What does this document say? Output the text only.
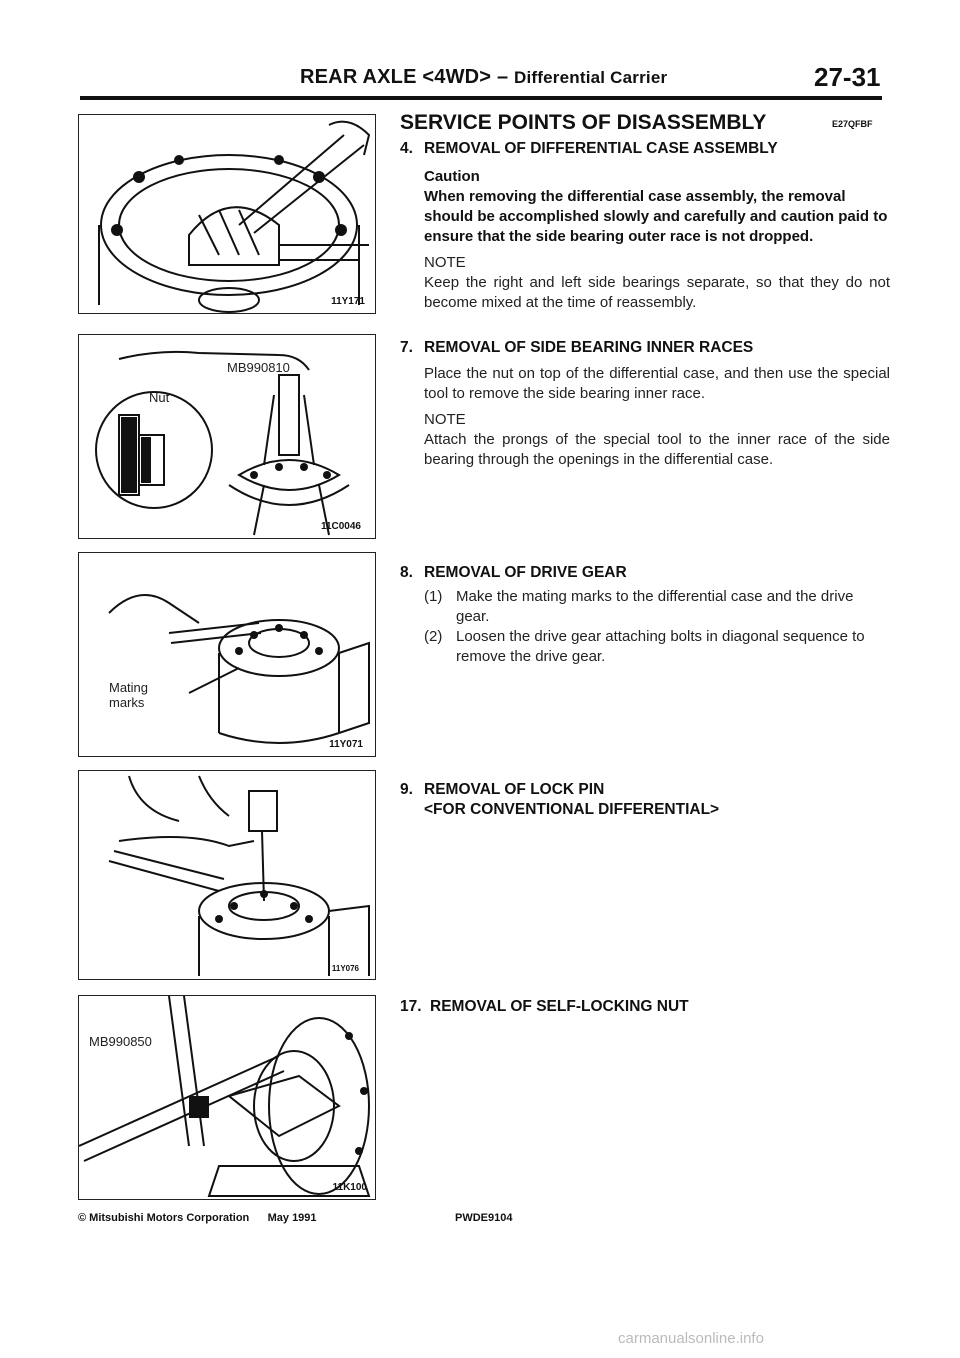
REAR AXLE <4WD> – Differential Carrier	27-31
11Y171
MB990810
Nut
11C0046
Mating
marks
11Y071
11Y076
MB990850
11K100
SERVICE POINTS OF DISASSEMBLY	E27QFBF
4. REMOVAL OF DIFFERENTIAL CASE ASSEMBLY
Caution
When removing the differential case assembly, the removal should be accomplished slowly and carefully and caution paid to ensure that the side bearing outer race is not dropped.
NOTE
Keep the right and left side bearings separate, so that they do not become mixed at the time of reassembly.
7. REMOVAL OF SIDE BEARING INNER RACES
Place the nut on top of the differential case, and then use the special tool to remove the side bearing inner race.
NOTE
Attach the prongs of the special tool to the inner race of the side bearing through the openings in the differential case.
8. REMOVAL OF DRIVE GEAR
(1) Make the mating marks to the differential case and the drive gear.
(2) Loosen the drive gear attaching bolts in diagonal sequence to remove the drive gear.
9. REMOVAL OF LOCK PIN
<FOR CONVENTIONAL DIFFERENTIAL>
17. REMOVAL OF SELF-LOCKING NUT
© Mitsubishi Motors Corporation May 1991	PWDE9104
carmanualsonline.info
